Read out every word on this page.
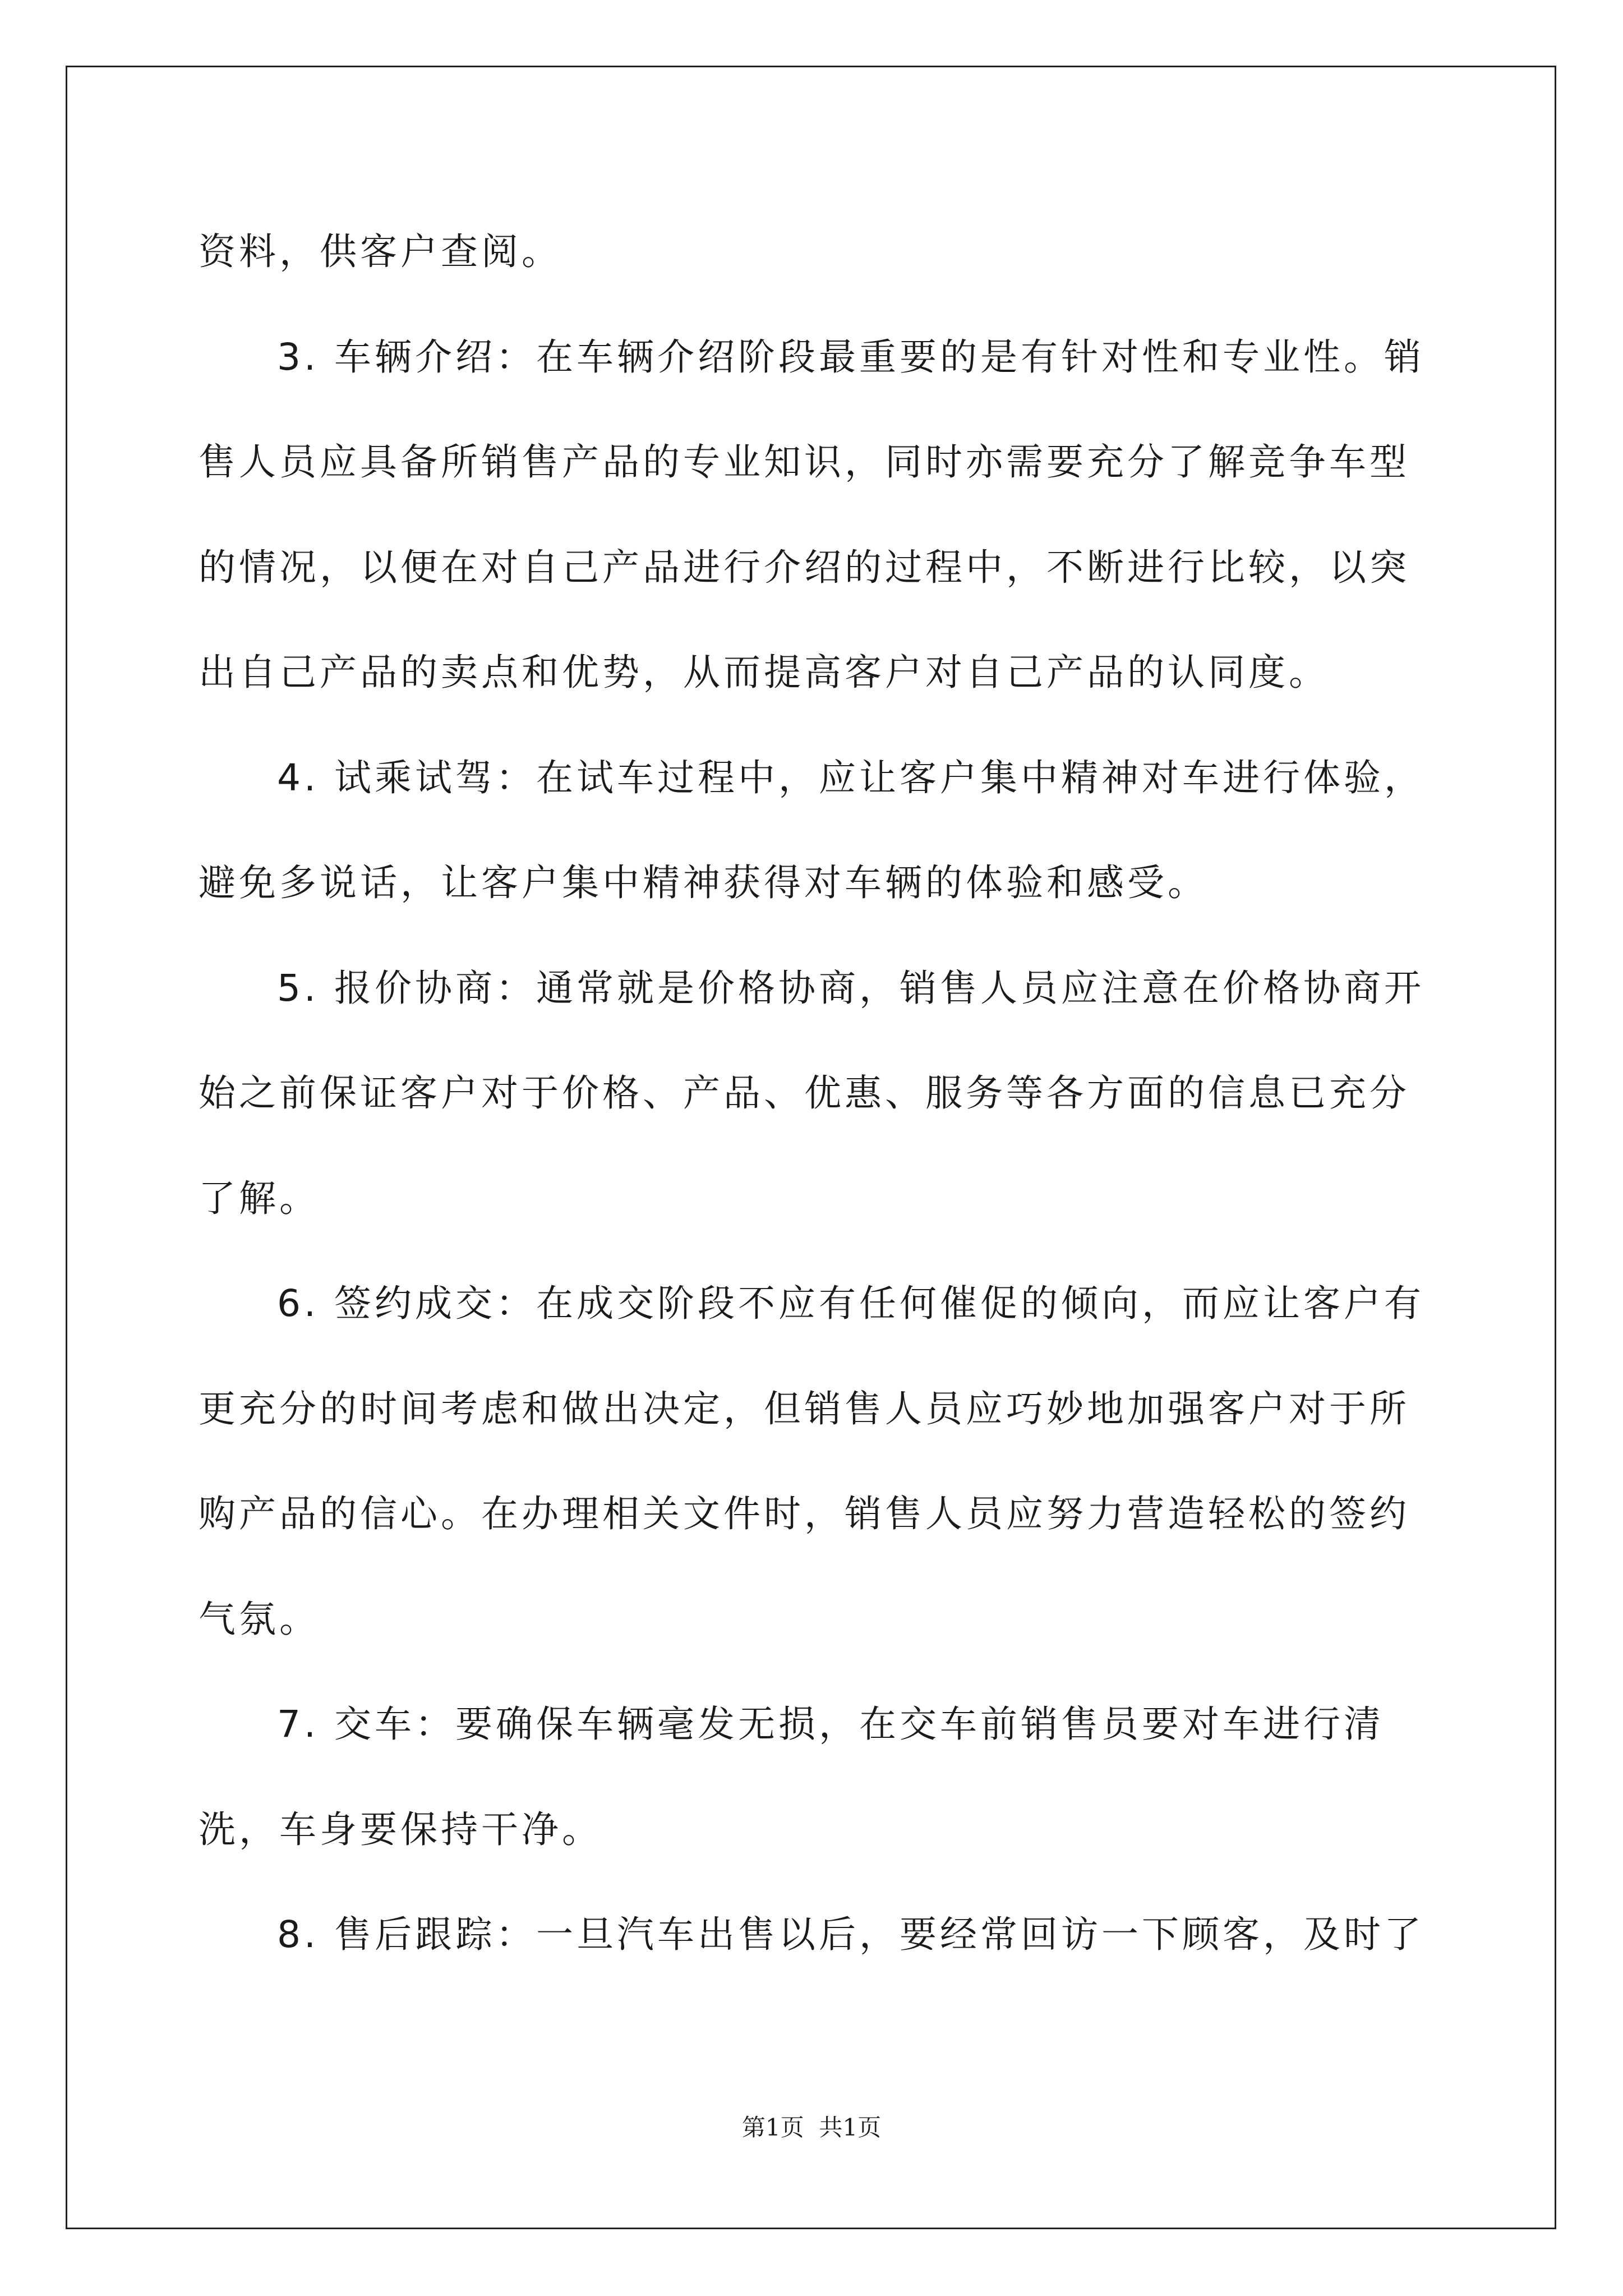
资料，供客户查阅。

3. 车辆介绍：在车辆介绍阶段最重要的是有针对性和专业性。销售人员应具备所销售产品的专业知识，同时亦需要充分了解竞争车型的情况，以便在对自己产品进行介绍的过程中，不断进行比较，以突出自己产品的卖点和优势，从而提高客户对自己产品的认同度。

4. 试乘试驾：在试车过程中，应让客户集中精神对车进行体验，避免多说话，让客户集中精神获得对车辆的体验和感受。

5. 报价协商：通常就是价格协商，销售人员应注意在价格协商开始之前保证客户对于价格、产品、优惠、服务等各方面的信息已充分了解。

6. 签约成交：在成交阶段不应有任何催促的倾向，而应让客户有更充分的时间考虑和做出决定，但销售人员应巧妙地加强客户对于所购产品的信心。在办理相关文件时，销售人员应努力营造轻松的签约气氛。

7. 交车：要确保车辆毫发无损，在交车前销售员要对车进行清洗，车身要保持干净。

8. 售后跟踪：一旦汽车出售以后，要经常回访一下顾客，及时了

第1页  共1页
